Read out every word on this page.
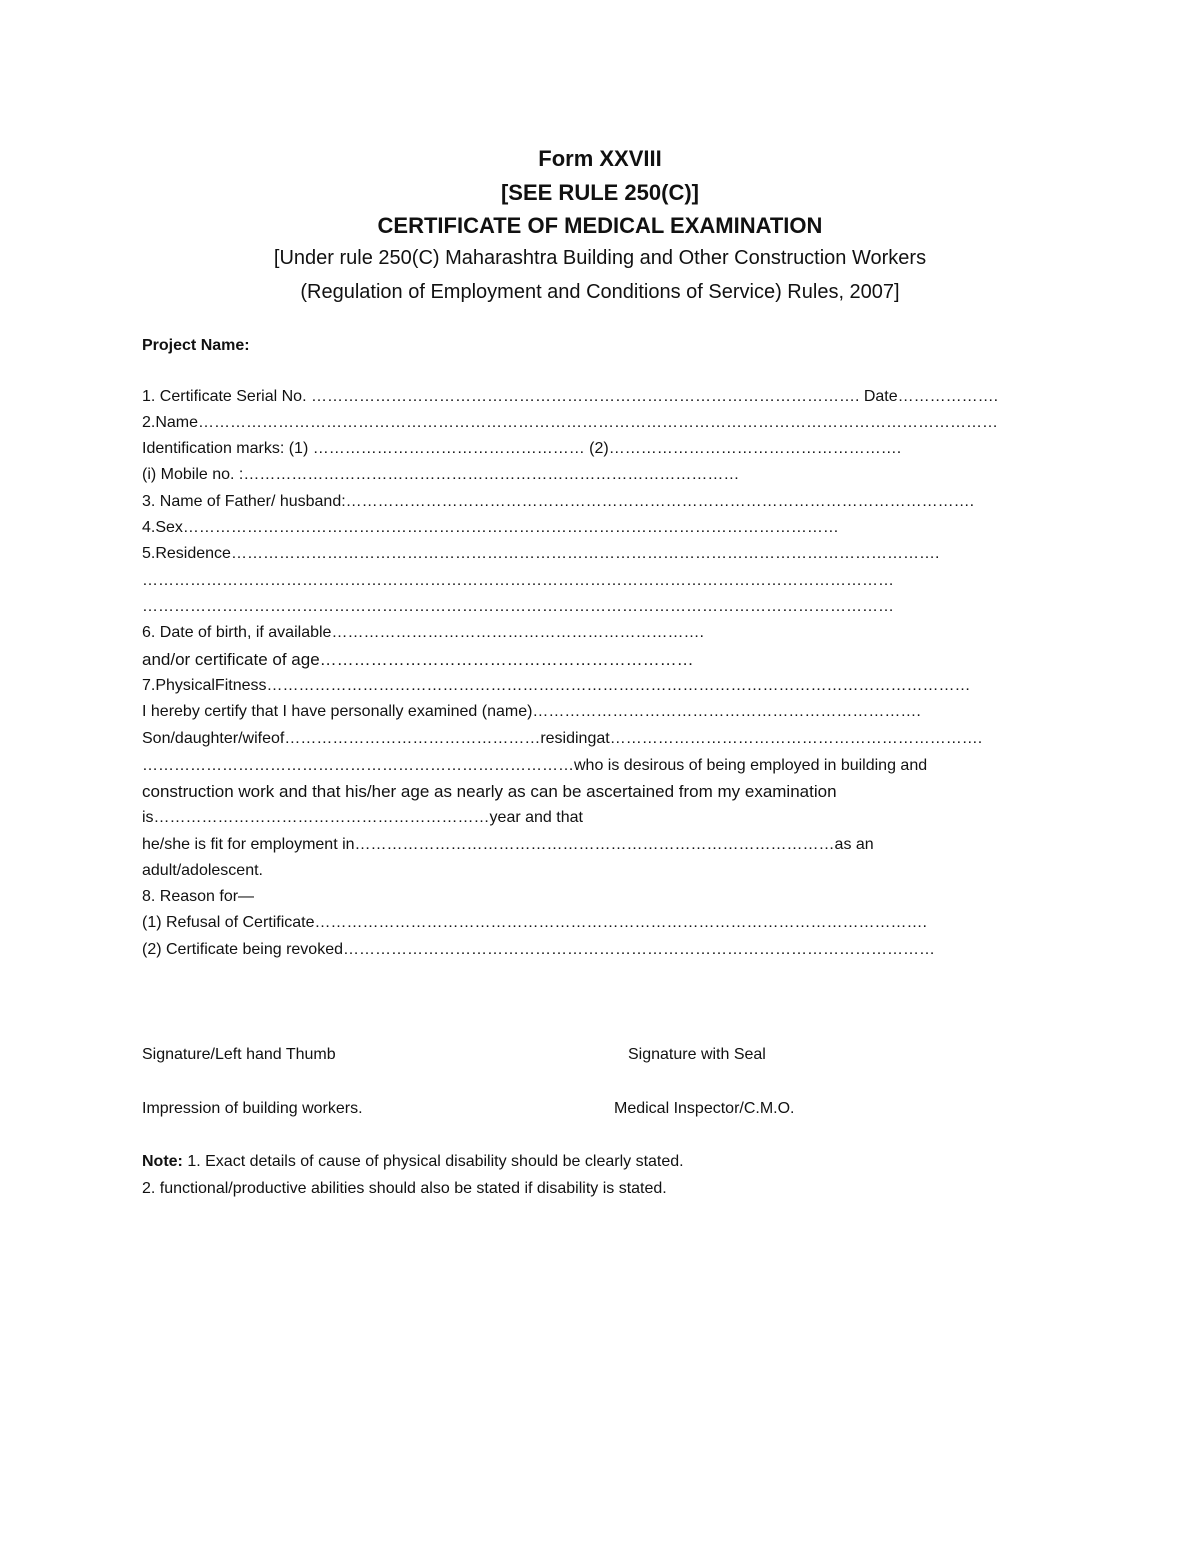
Form XXVIII
[SEE RULE 250(C)]
CERTIFICATE OF MEDICAL EXAMINATION
[Under rule 250(C) Maharashtra Building and Other Construction Workers
(Regulation of Employment and Conditions of Service) Rules, 2007]
Project Name:
1. Certificate Serial No. …………………………………………………………………………………………. Date……………….
2.Name……………………………………………………………………………………………………………………………………
Identification marks: (1) …………………………………………… (2)……………………………………………….
(i) Mobile no. :…………………………………………………………………………………
3. Name of Father/ husband:……………………………………………………………………………………………………….
4.Sex……………………………………………………………………………………………………………
5.Residence…………………………………………………………………………………………………………………….
……………………………………………………………………………………………………………………………
……………………………………………………………………………………………………………………………
6. Date of birth, if available…………………………………………………………….
and/or certificate of age…………………………………………………………
7.PhysicalFitness……………………………………………………………………………………………………………………
I hereby certify that I have personally examined (name)……………………………………………………………….
Son/daughter/wifeof…………………………………………residingat…………………………………………………………….
………………………………………………………………………who is desirous of being employed in building and
construction work and that his/her age as nearly as can be ascertained from my examination
is………………………………………………………year and that
he/she is fit for employment in………………………………………………………………………………as an
adult/adolescent.
8. Reason for—
(1) Refusal of Certificate…………………………………………………………………………………………………….
(2) Certificate being revoked…………………………………………………………………………………………………
Signature/Left hand Thumb	Signature with Seal
Impression of building workers.	Medical Inspector/C.M.O.
Note: 1. Exact details of cause of physical disability should be clearly stated.
2. functional/productive abilities should also be stated if disability is stated.
